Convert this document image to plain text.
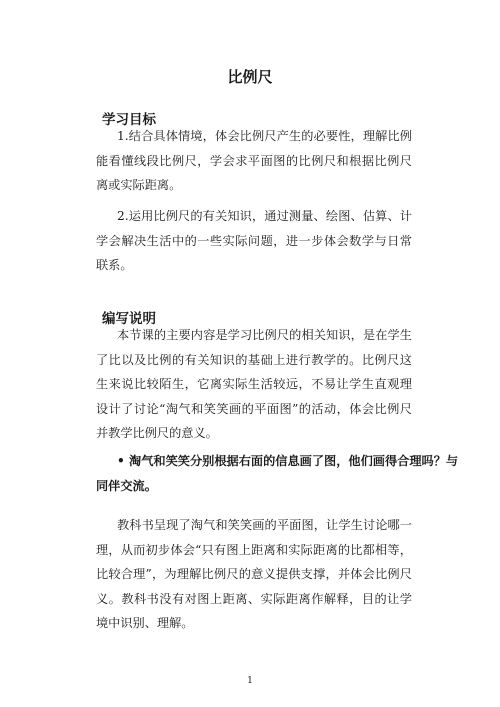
比例尺
学习目标

1.结合具体情境，体会比例尺产生的必要性，理解比例
能看懂线段比例尺，学会求平面图的比例尺和根据比例尺
离或实际距离。

2.运用比例尺的有关知识，通过测量、绘图、估算、计
学会解决生活中的一些实际问题，进一步体会数学与日常
联系。

编写说明

本节课的主要内容是学习比例尺的相关知识，是在学生
了比以及比例的有关知识的基础上进行教学的。比例尺这
生来说比较陌生，它离实际生活较远，不易让学生直观理
设计了讨论“淘气和笑笑画的平面图”的活动，体会比例尺
并教学比例尺的意义。

• 淘气和笑笑分别根据右面的信息画了图，他们画得合理吗？与
同伴交流。

教科书呈现了淘气和笑笑画的平面图，让学生讨论哪一
理，从而初步体会“只有图上距离和实际距离的比都相等，
比较合理”，为理解比例尺的意义提供支撑，并体会比例尺
义。教科书没有对图上距离、实际距离作解释，目的让学
境中识别、理解。

1
